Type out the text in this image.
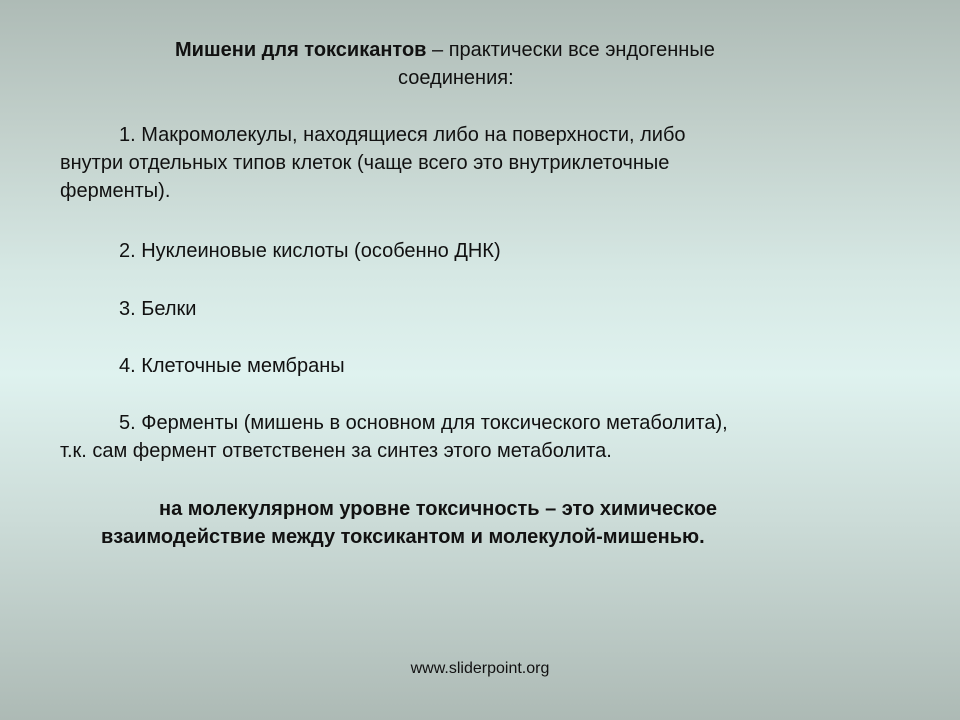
Мишени для токсикантов – практически все эндогенные

соединения:

1. Макромолекулы, находящиеся либо на поверхности, либо
внутри отдельных типов клеток (чаще всего это внутриклеточные
ферменты).

2. Нуклеиновые кислоты (особенно ДНК)

3. Белки

4. Клеточные мембраны

5. Ферменты (мишень в основном для токсического метаболита),
т.к. сам фермент ответственен за синтез этого метаболита.

на молекулярном уровне токсичность – это химическое

взаимодействие между токсикантом и молекулой-мишенью.

www.sliderpoint.org
